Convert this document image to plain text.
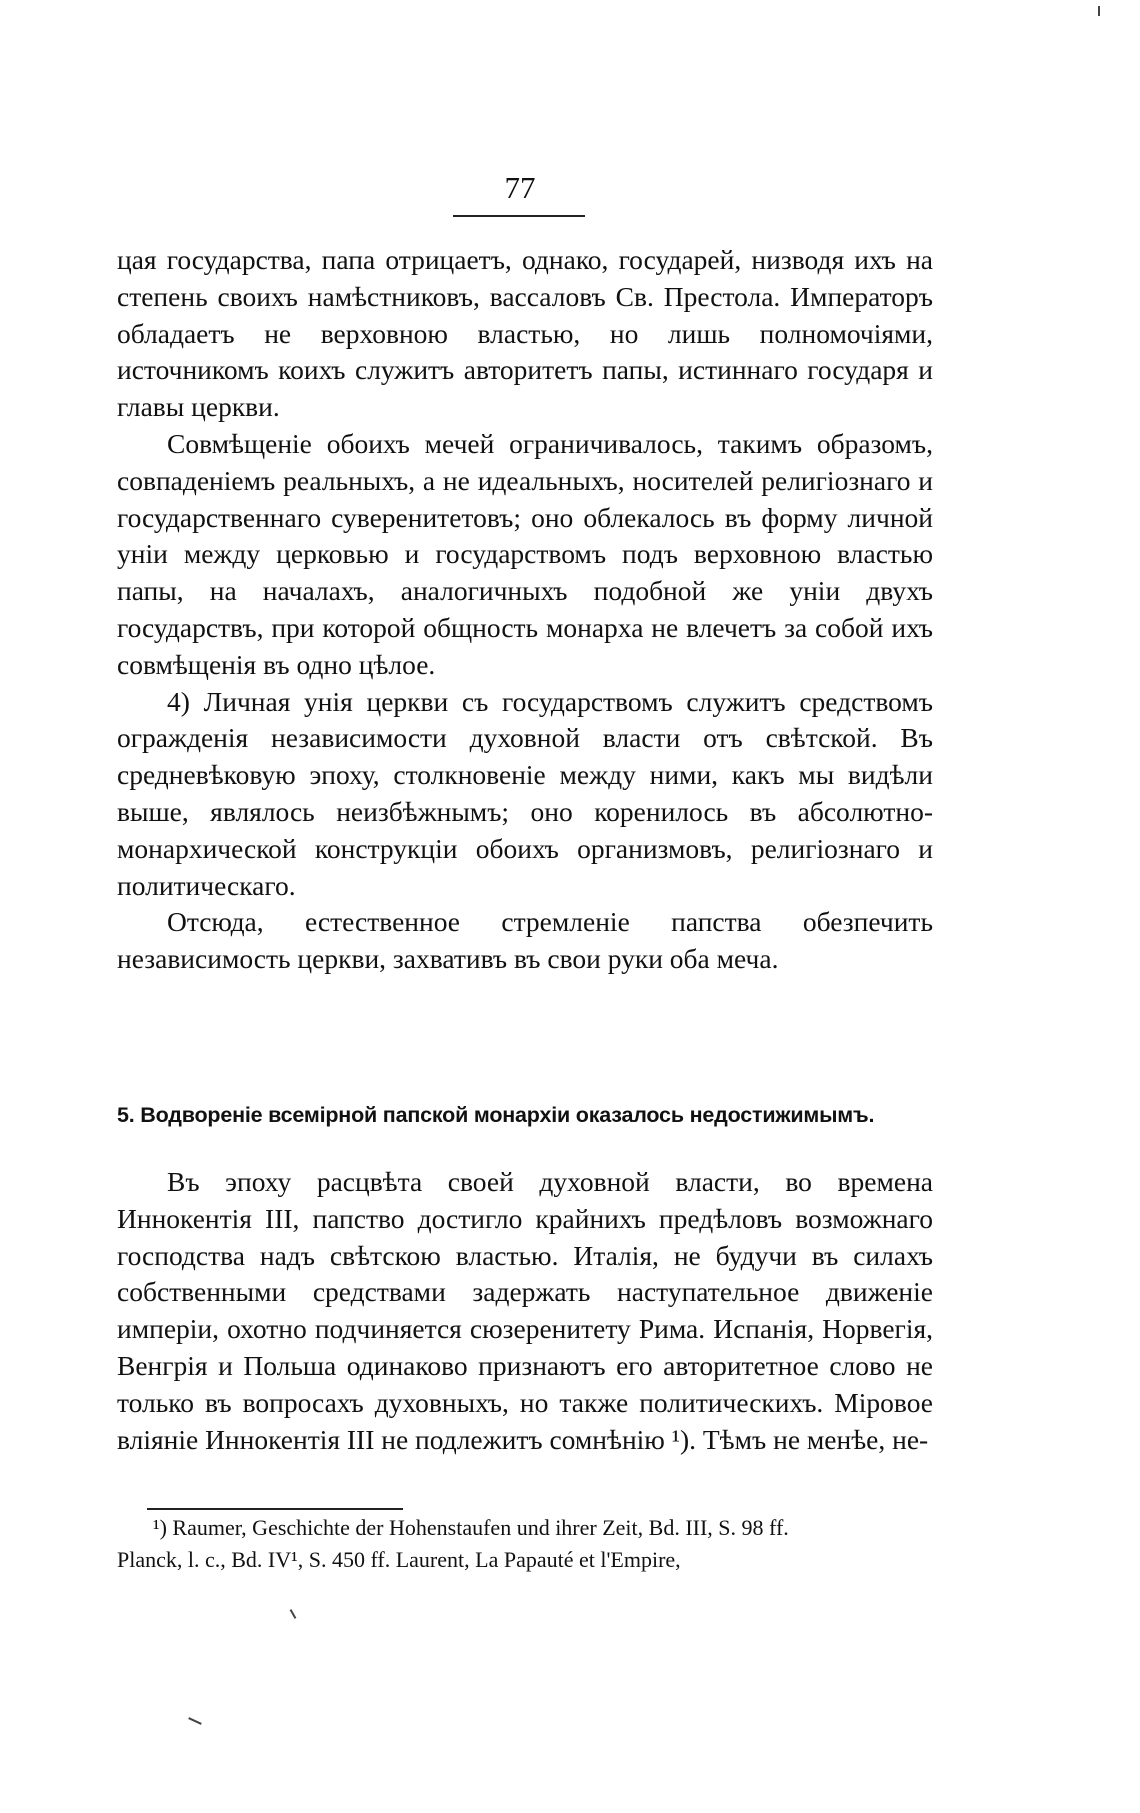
77

цая государства, папа отрицаетъ, однако, государей, низводя ихъ на степень своихъ намѣстниковъ, вассаловъ Св. Престола. Императоръ обладаетъ не верховною властью, но лишь полномочіями, источникомъ коихъ служитъ авторитетъ папы, истиннаго государя и главы церкви.

Совмѣщеніе обоихъ мечей ограничивалось, такимъ образомъ, совпаденіемъ реальныхъ, а не идеальныхъ, носителей религіознаго и государственнаго суверенитетовъ; оно облекалось въ форму личной уніи между церковью и государствомъ подъ верховною властью папы, на началахъ, аналогичныхъ подобной же уніи двухъ государствъ, при которой общность монарха не влечетъ за собой ихъ совмѣщенія въ одно цѣлое.

4) Личная унія церкви съ государствомъ служитъ средствомъ огражденія независимости духовной власти отъ свѣтской. Въ средневѣковую эпоху, столкновеніе между ними, какъ мы видѣли выше, являлось неизбѣжнымъ; оно коренилось въ абсолютно-монархической конструкціи обоихъ организмовъ, религіознаго и политическаго.

Отсюда, естественное стремленіе папства обезпечить независимость церкви, захвативъ въ свои руки оба меча.

5. Водвореніе всемірной папской монархіи оказалось недостижимымъ.

Въ эпоху расцвѣта своей духовной власти, во времена Иннокентія III, папство достигло крайнихъ предѣловъ возможнаго господства надъ свѣтскою властью. Италія, не будучи въ силахъ собственными средствами задержать наступательное движеніе имперіи, охотно подчиняется сюзеренитету Рима. Испанія, Норвегія, Венгрія и Польша одинаково признаютъ его авторитетное слово не только въ вопросахъ духовныхъ, но также политическихъ. Міровое вліяніе Иннокентія III не подлежитъ сомнѣнію ¹). Тѣмъ не менѣе, не-

¹) Raumer, Geschichte der Hohenstaufen und ihrer Zeit, Bd. III, S. 98 ff.

Planck, l. c., Bd. IV¹, S. 450 ff. Laurent, La Papauté et l'Empire,
